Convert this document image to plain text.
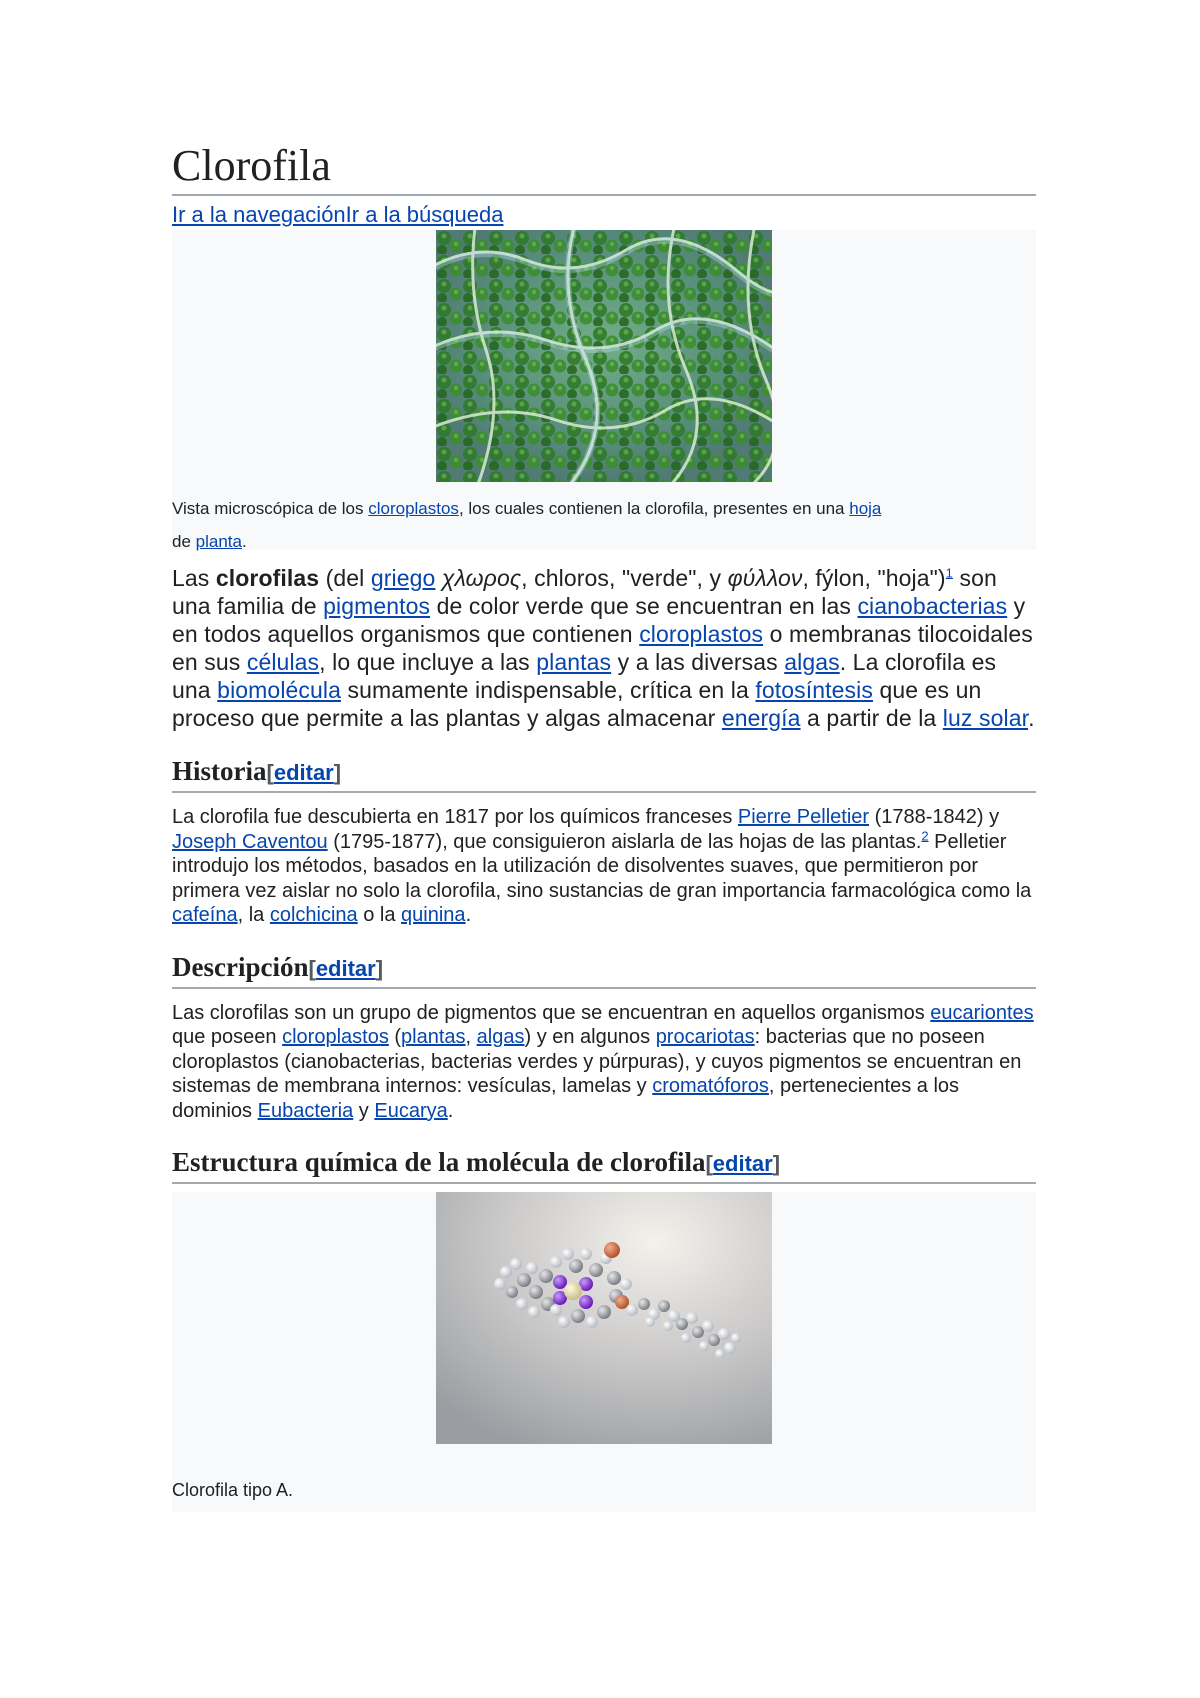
Clorofila
Ir a la navegaciónIr a la búsqueda
Vista microscópica de los cloroplastos, los cuales contienen la clorofila, presentes en una hoja de planta.

Las clorofilas (del griego χλωρος, chloros, "verde", y φύλλον, fýlon, "hoja")$^1$ son una familia de pigmentos de color verde que se encuentran en las cianobacterias y en todos aquellos organismos que contienen cloroplastos o membranas tilocoidales en sus células, lo que incluye a las plantas y a las diversas algas. La clorofila es una biomolécula sumamente indispensable, crítica en la fotosíntesis que es un proceso que permite a las plantas y algas almacenar energía a partir de la luz solar.

Historia[editar]

La clorofila fue descubierta en 1817 por los químicos franceses Pierre Pelletier (1788-1842) y Joseph Caventou (1795-1877), que consiguieron aislarla de las hojas de las plantas.$^2$ Pelletier introdujo los métodos, basados en la utilización de disolventes suaves, que permitieron por primera vez aislar no solo la clorofila, sino sustancias de gran importancia farmacológica como la cafeína, la colchicina o la quinina.

Descripción[editar]

Las clorofilas son un grupo de pigmentos que se encuentran en aquellos organismos eucariontes que poseen cloroplastos (plantas, algas) y en algunos procariotas: bacterias que no poseen cloroplastos (cianobacterias, bacterias verdes y púrpuras), y cuyos pigmentos se encuentran en sistemas de membrana internos: vesículas, lamelas y cromatóforos, pertenecientes a los dominios Eubacteria y Eucarya.

Estructura química de la molécula de clorofila[editar]
Clorofila tipo A.
